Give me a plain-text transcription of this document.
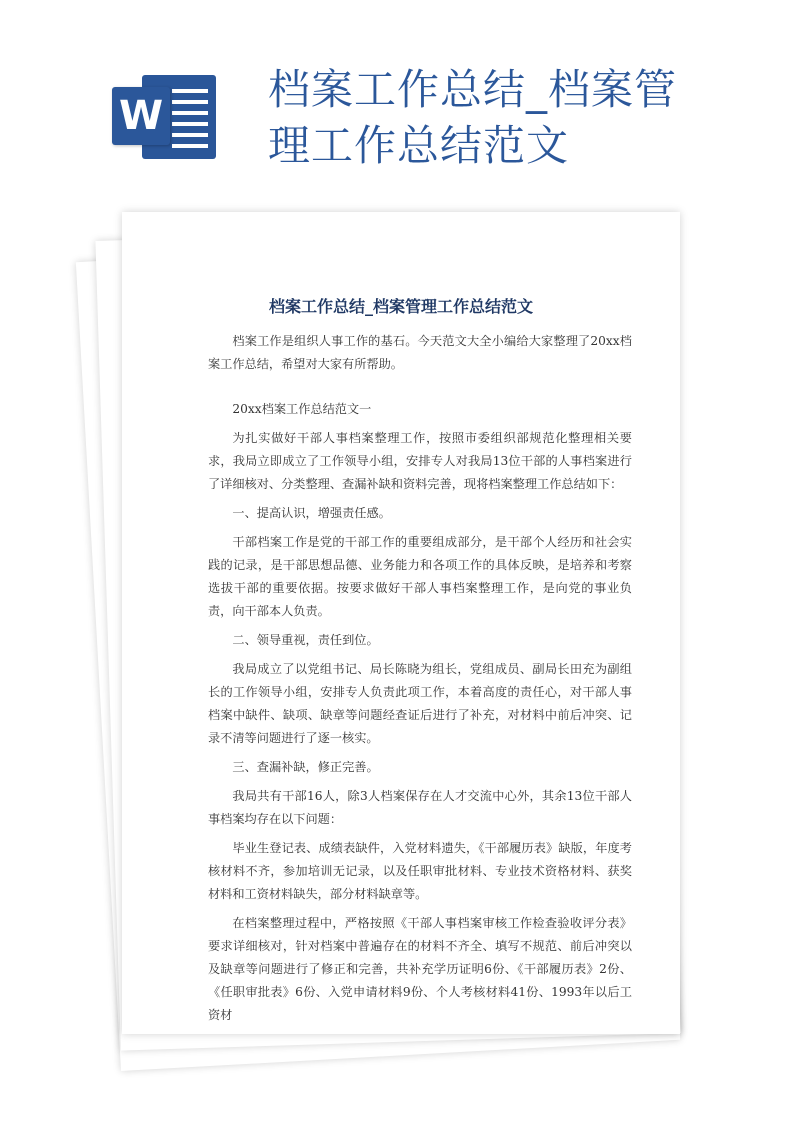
W
档案工作总结_档案管理工作总结范文
档案工作总结_档案管理工作总结范文

档案工作是组织人事工作的基石。今天范文大全小编给大家整理了20xx档案工作总结，希望对大家有所帮助。

20xx档案工作总结范文一

为扎实做好干部人事档案整理工作，按照市委组织部规范化整理相关要求，我局立即成立了工作领导小组，安排专人对我局13位干部的人事档案进行了详细核对、分类整理、查漏补缺和资料完善，现将档案整理工作总结如下：

一、提高认识，增强责任感。

干部档案工作是党的干部工作的重要组成部分，是干部个人经历和社会实践的记录，是干部思想品德、业务能力和各项工作的具体反映，是培养和考察选拔干部的重要依据。按要求做好干部人事档案整理工作，是向党的事业负责，向干部本人负责。

二、领导重视，责任到位。

我局成立了以党组书记、局长陈晓为组长，党组成员、副局长田充为副组长的工作领导小组，安排专人负责此项工作，本着高度的责任心，对干部人事档案中缺件、缺项、缺章等问题经查证后进行了补充，对材料中前后冲突、记录不清等问题进行了逐一核实。

三、查漏补缺，修正完善。

我局共有干部16人，除3人档案保存在人才交流中心外，其余13位干部人事档案均存在以下问题：

毕业生登记表、成绩表缺件，入党材料遗失，《干部履历表》缺版，年度考核材料不齐，参加培训无记录，以及任职审批材料、专业技术资格材料、获奖材料和工资材料缺失，部分材料缺章等。

在档案整理过程中，严格按照《干部人事档案审核工作检查验收评分表》要求详细核对，针对档案中普遍存在的材料不齐全、填写不规范、前后冲突以及缺章等问题进行了修正和完善，共补充学历证明6份、《干部履历表》2份、《任职审批表》6份、入党申请材料9份、个人考核材料41份、1993年以后工资材
